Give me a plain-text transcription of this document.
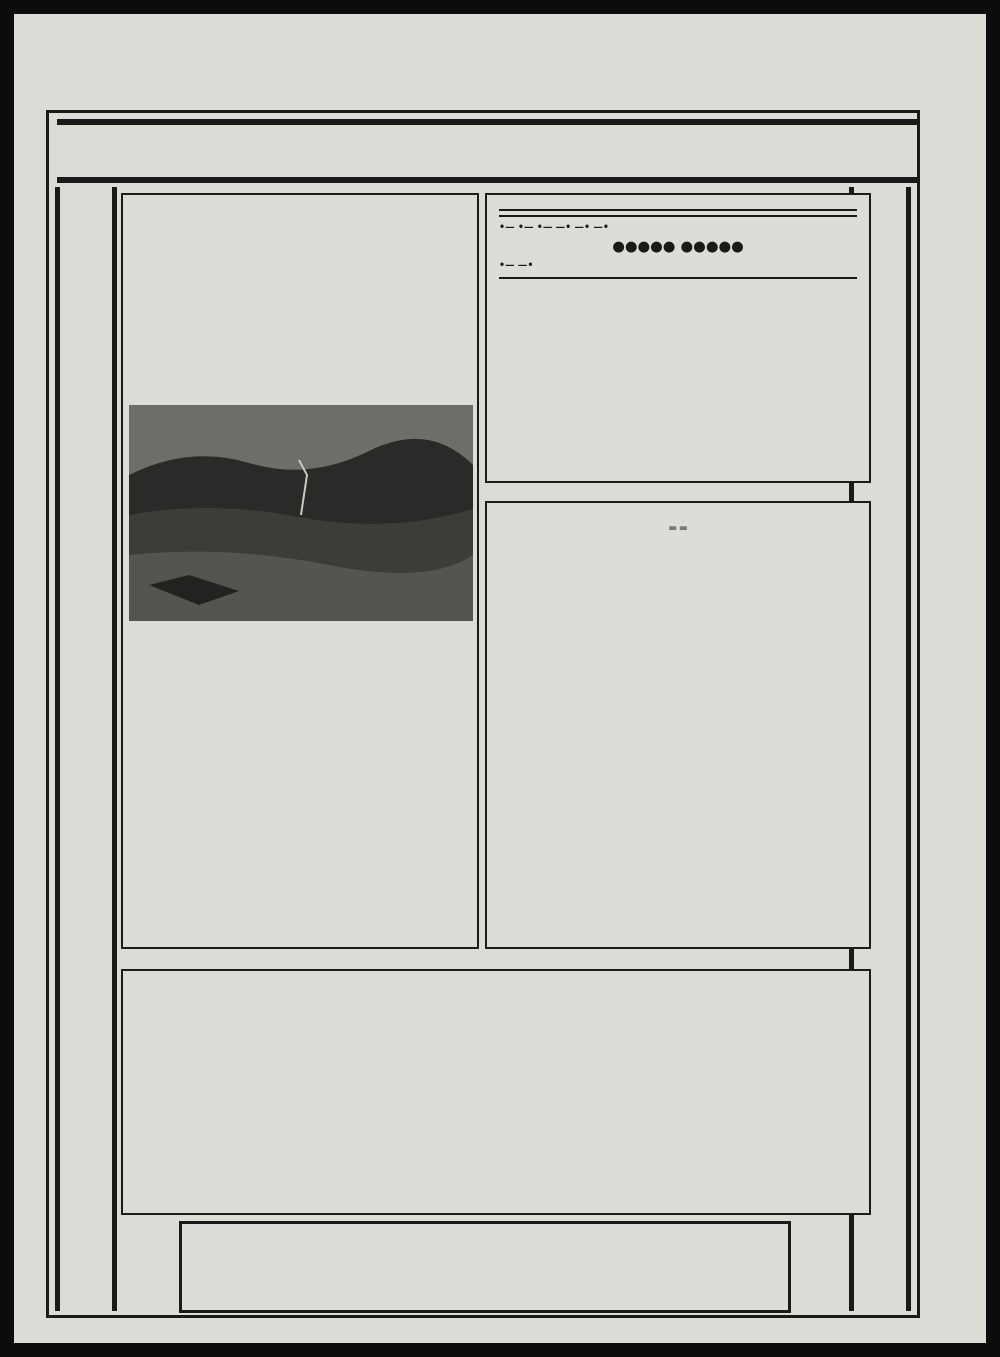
•— •— •— —• —• —•
●●●●● ●●●●●
•— —•
═ ═
